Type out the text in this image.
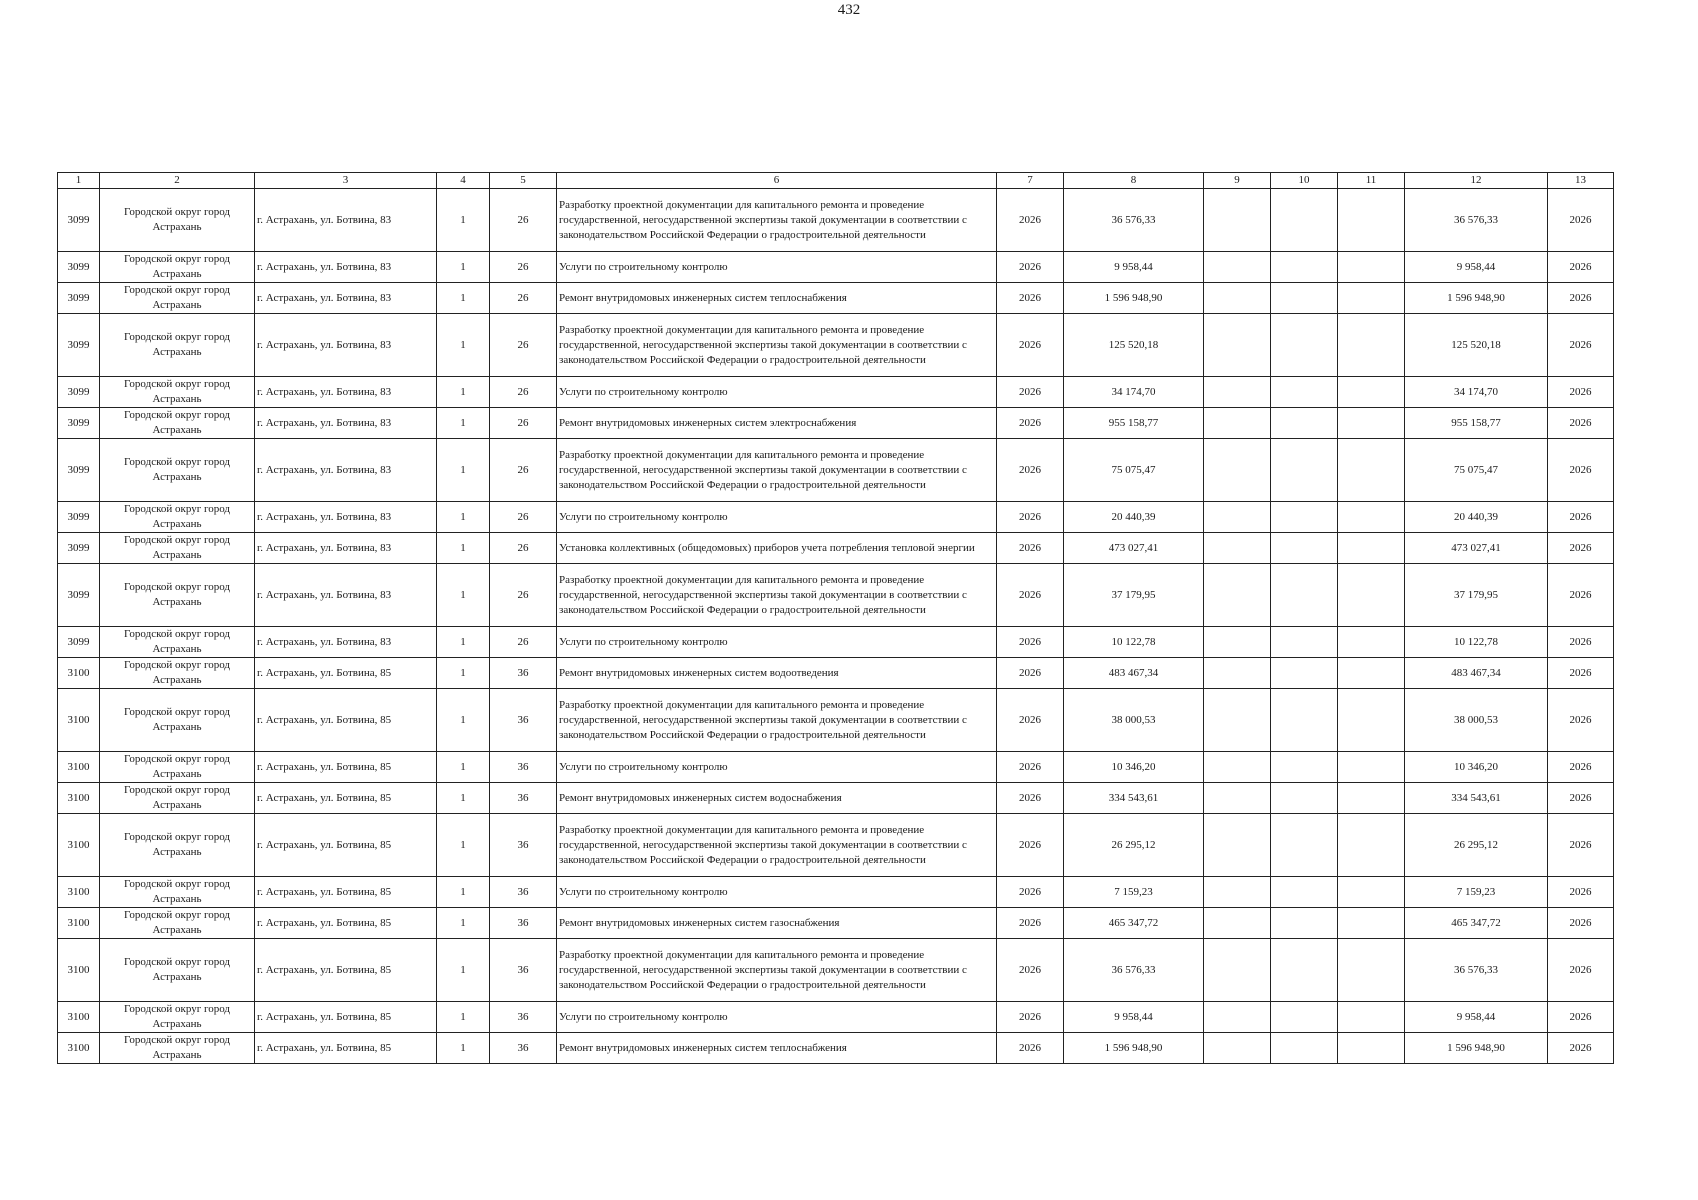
432
1	2	3	4	5	6	7	8	9	10	11	12	13
3099	Городской округ город Астрахань	г. Астрахань, ул. Ботвина, 83	1	26	Разработку проектной документации для капитального ремонта и проведение государственной, негосударственной экспертизы такой документации в соответствии с законодательством Российской Федерации о градостроительной деятельности	2026	36 576,33				36 576,33	2026
3099	Городской округ город Астрахань	г. Астрахань, ул. Ботвина, 83	1	26	Услуги по строительному контролю	2026	9 958,44				9 958,44	2026
3099	Городской округ город Астрахань	г. Астрахань, ул. Ботвина, 83	1	26	Ремонт внутридомовых инженерных систем теплоснабжения	2026	1 596 948,90				1 596 948,90	2026
3099	Городской округ город Астрахань	г. Астрахань, ул. Ботвина, 83	1	26	Разработку проектной документации для капитального ремонта и проведение государственной, негосударственной экспертизы такой документации в соответствии с законодательством Российской Федерации о градостроительной деятельности	2026	125 520,18				125 520,18	2026
3099	Городской округ город Астрахань	г. Астрахань, ул. Ботвина, 83	1	26	Услуги по строительному контролю	2026	34 174,70				34 174,70	2026
3099	Городской округ город Астрахань	г. Астрахань, ул. Ботвина, 83	1	26	Ремонт внутридомовых инженерных систем электроснабжения	2026	955 158,77				955 158,77	2026
3099	Городской округ город Астрахань	г. Астрахань, ул. Ботвина, 83	1	26	Разработку проектной документации для капитального ремонта и проведение государственной, негосударственной экспертизы такой документации в соответствии с законодательством Российской Федерации о градостроительной деятельности	2026	75 075,47				75 075,47	2026
3099	Городской округ город Астрахань	г. Астрахань, ул. Ботвина, 83	1	26	Услуги по строительному контролю	2026	20 440,39				20 440,39	2026
3099	Городской округ город Астрахань	г. Астрахань, ул. Ботвина, 83	1	26	Установка коллективных (общедомовых) приборов учета потребления тепловой энергии	2026	473 027,41				473 027,41	2026
3099	Городской округ город Астрахань	г. Астрахань, ул. Ботвина, 83	1	26	Разработку проектной документации для капитального ремонта и проведение государственной, негосударственной экспертизы такой документации в соответствии с законодательством Российской Федерации о градостроительной деятельности	2026	37 179,95				37 179,95	2026
3099	Городской округ город Астрахань	г. Астрахань, ул. Ботвина, 83	1	26	Услуги по строительному контролю	2026	10 122,78				10 122,78	2026
3100	Городской округ город Астрахань	г. Астрахань, ул. Ботвина, 85	1	36	Ремонт внутридомовых инженерных систем водоотведения	2026	483 467,34				483 467,34	2026
3100	Городской округ город Астрахань	г. Астрахань, ул. Ботвина, 85	1	36	Разработку проектной документации для капитального ремонта и проведение государственной, негосударственной экспертизы такой документации в соответствии с законодательством Российской Федерации о градостроительной деятельности	2026	38 000,53				38 000,53	2026
3100	Городской округ город Астрахань	г. Астрахань, ул. Ботвина, 85	1	36	Услуги по строительному контролю	2026	10 346,20				10 346,20	2026
3100	Городской округ город Астрахань	г. Астрахань, ул. Ботвина, 85	1	36	Ремонт внутридомовых инженерных систем водоснабжения	2026	334 543,61				334 543,61	2026
3100	Городской округ город Астрахань	г. Астрахань, ул. Ботвина, 85	1	36	Разработку проектной документации для капитального ремонта и проведение государственной, негосударственной экспертизы такой документации в соответствии с законодательством Российской Федерации о градостроительной деятельности	2026	26 295,12				26 295,12	2026
3100	Городской округ город Астрахань	г. Астрахань, ул. Ботвина, 85	1	36	Услуги по строительному контролю	2026	7 159,23				7 159,23	2026
3100	Городской округ город Астрахань	г. Астрахань, ул. Ботвина, 85	1	36	Ремонт внутридомовых инженерных систем газоснабжения	2026	465 347,72				465 347,72	2026
3100	Городской округ город Астрахань	г. Астрахань, ул. Ботвина, 85	1	36	Разработку проектной документации для капитального ремонта и проведение государственной, негосударственной экспертизы такой документации в соответствии с законодательством Российской Федерации о градостроительной деятельности	2026	36 576,33				36 576,33	2026
3100	Городской округ город Астрахань	г. Астрахань, ул. Ботвина, 85	1	36	Услуги по строительному контролю	2026	9 958,44				9 958,44	2026
3100	Городской округ город Астрахань	г. Астрахань, ул. Ботвина, 85	1	36	Ремонт внутридомовых инженерных систем теплоснабжения	2026	1 596 948,90				1 596 948,90	2026
